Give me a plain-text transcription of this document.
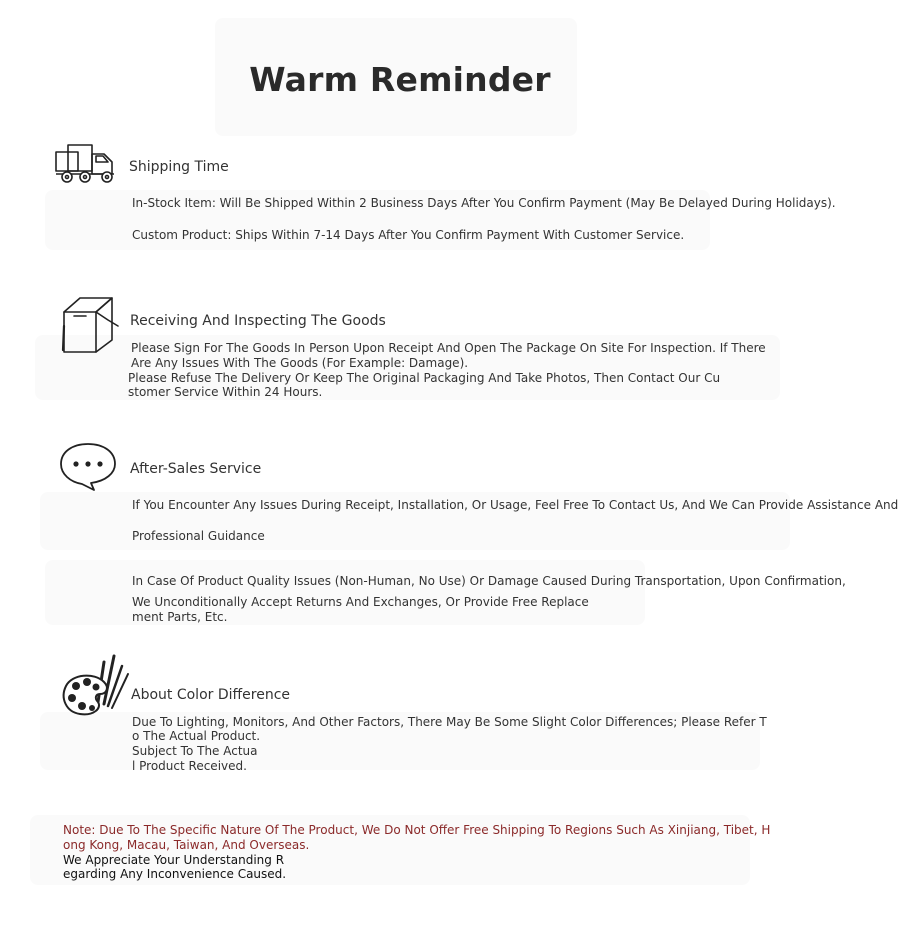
Warm Reminder
Shipping Time
In-Stock Item: Will Be Shipped Within 2 Business Days After You Confirm Payment (May Be Delayed During Holidays).
Custom Product: Ships Within 7-14 Days After You Confirm Payment With Customer Service.
Receiving And Inspecting The Goods
Please Sign For The Goods In Person Upon Receipt And Open The Package On Site For Inspection. If There
Are Any Issues With The Goods (For Example: Damage).
Please Refuse The Delivery Or Keep The Original Packaging And Take Photos, Then Contact Our Cu
stomer Service Within 24 Hours.
After-Sales Service
If You Encounter Any Issues During Receipt, Installation, Or Usage, Feel Free To Contact Us, And We Can Provide Assistance And
Professional Guidance
In Case Of Product Quality Issues (Non-Human, No Use) Or Damage Caused During Transportation, Upon Confirmation,
We Unconditionally Accept Returns And Exchanges, Or Provide Free Replace
ment Parts, Etc.
About Color Difference
Due To Lighting, Monitors, And Other Factors, There May Be Some Slight Color Differences; Please Refer T
o The Actual Product.
Subject To The Actua
l Product Received.
Note: Due To The Specific Nature Of The Product, We Do Not Offer Free Shipping To Regions Such As Xinjiang, Tibet, H
ong Kong, Macau, Taiwan, And Overseas.
We Appreciate Your Understanding R
egarding Any Inconvenience Caused.
